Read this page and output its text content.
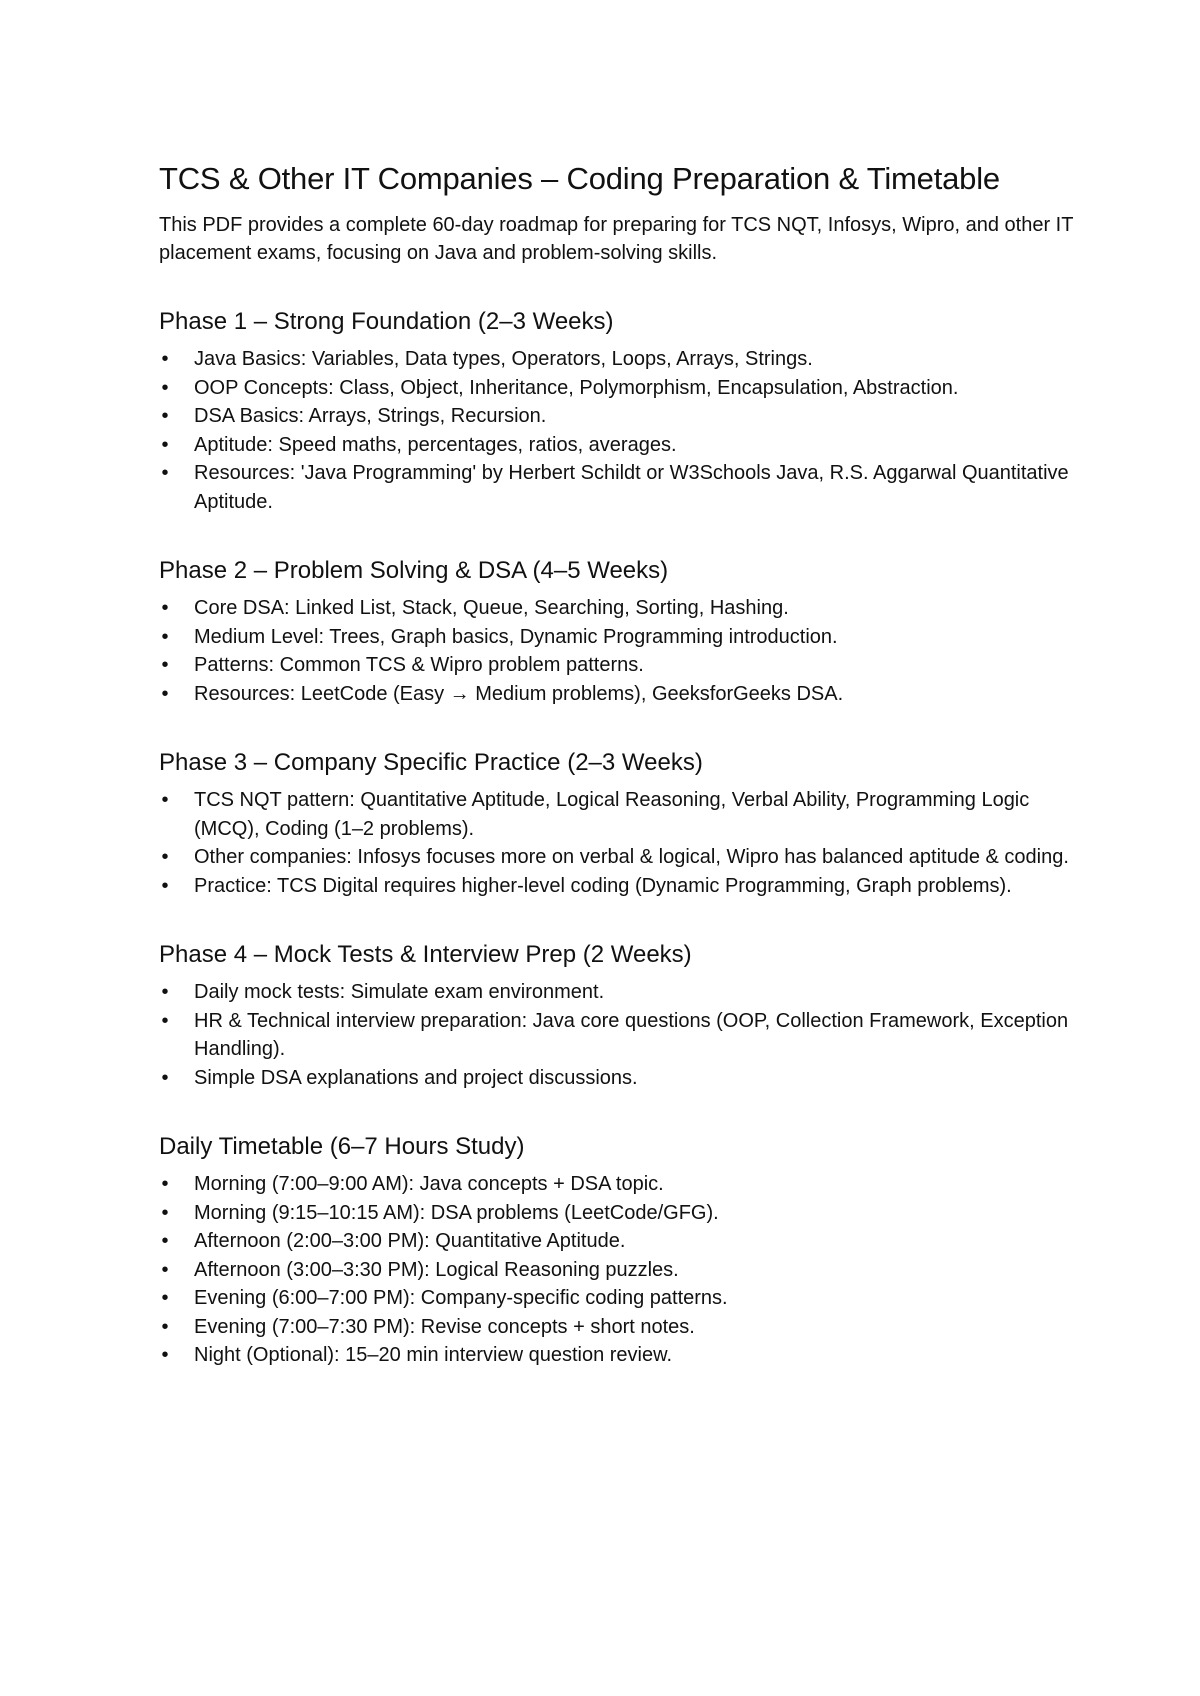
TCS & Other IT Companies – Coding Preparation & Timetable

This PDF provides a complete 60-day roadmap for preparing for TCS NQT, Infosys, Wipro, and other IT placement exams, focusing on Java and problem-solving skills.

Phase 1 – Strong Foundation (2–3 Weeks)
• Java Basics: Variables, Data types, Operators, Loops, Arrays, Strings.
• OOP Concepts: Class, Object, Inheritance, Polymorphism, Encapsulation, Abstraction.
• DSA Basics: Arrays, Strings, Recursion.
• Aptitude: Speed maths, percentages, ratios, averages.
• Resources: 'Java Programming' by Herbert Schildt or W3Schools Java, R.S. Aggarwal Quantitative Aptitude.
Phase 2 – Problem Solving & DSA (4–5 Weeks)
• Core DSA: Linked List, Stack, Queue, Searching, Sorting, Hashing.
• Medium Level: Trees, Graph basics, Dynamic Programming introduction.
• Patterns: Common TCS & Wipro problem patterns.
• Resources: LeetCode (Easy → Medium problems), GeeksforGeeks DSA.
Phase 3 – Company Specific Practice (2–3 Weeks)
• TCS NQT pattern: Quantitative Aptitude, Logical Reasoning, Verbal Ability, Programming Logic (MCQ), Coding (1–2 problems).
• Other companies: Infosys focuses more on verbal & logical, Wipro has balanced aptitude & coding.
• Practice: TCS Digital requires higher-level coding (Dynamic Programming, Graph problems).
Phase 4 – Mock Tests & Interview Prep (2 Weeks)
• Daily mock tests: Simulate exam environment.
• HR & Technical interview preparation: Java core questions (OOP, Collection Framework, Exception Handling).
• Simple DSA explanations and project discussions.
Daily Timetable (6–7 Hours Study)
• Morning (7:00–9:00 AM): Java concepts + DSA topic.
• Morning (9:15–10:15 AM): DSA problems (LeetCode/GFG).
• Afternoon (2:00–3:00 PM): Quantitative Aptitude.
• Afternoon (3:00–3:30 PM): Logical Reasoning puzzles.
• Evening (6:00–7:00 PM): Company-specific coding patterns.
• Evening (7:00–7:30 PM): Revise concepts + short notes.
• Night (Optional): 15–20 min interview question review.
